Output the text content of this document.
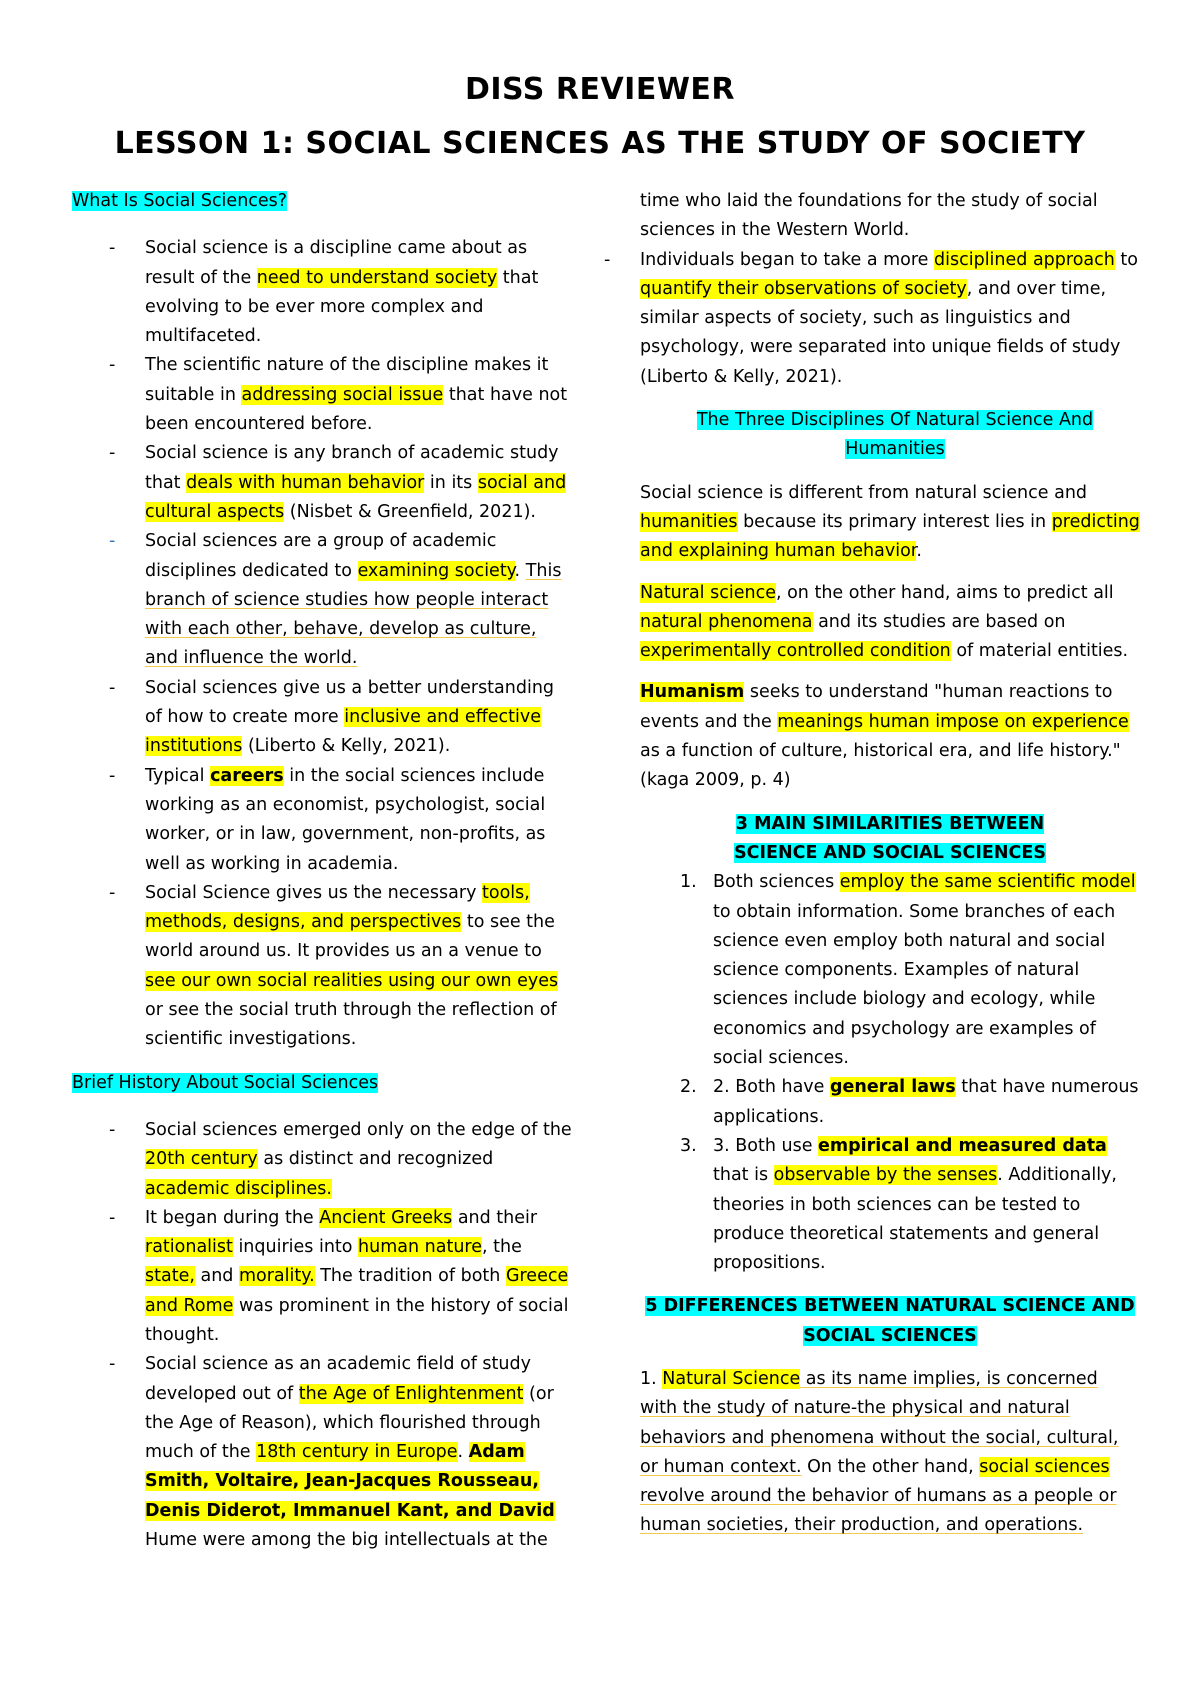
DISS REVIEWER
LESSON 1: SOCIAL SCIENCES AS THE STUDY OF SOCIETY
What Is Social Sciences?
- Social science is a discipline came about as result of the need to understand society that evolving to be ever more complex and multifaceted.
- The scientific nature of the discipline makes it suitable in addressing social issue that have not been encountered before.
- Social science is any branch of academic study that deals with human behavior in its social and cultural aspects (Nisbet & Greenfield, 2021).
- Social sciences are a group of academic disciplines dedicated to examining society. This branch of science studies how people interact with each other, behave, develop as culture, and influence the world.
- Social sciences give us a better understanding of how to create more inclusive and effective institutions (Liberto & Kelly, 2021).
- Typical careers in the social sciences include working as an economist, psychologist, social worker, or in law, government, non-profits, as well as working in academia.
- Social Science gives us the necessary tools, methods, designs, and perspectives to see the world around us. It provides us an a venue to see our own social realities using our own eyes or see the social truth through the reflection of scientific investigations.
Brief History About Social Sciences
- Social sciences emerged only on the edge of the 20th century as distinct and recognized academic disciplines.
- It began during the Ancient Greeks and their rationalist inquiries into human nature, the state, and morality. The tradition of both Greece and Rome was prominent in the history of social thought.
- Social science as an academic field of study developed out of the Age of Enlightenment (or the Age of Reason), which flourished through much of the 18th century in Europe. Adam Smith, Voltaire, Jean-Jacques Rousseau, Denis Diderot, Immanuel Kant, and David Hume were among the big intellectuals at the
time who laid the foundations for the study of social sciences in the Western World.
- Individuals began to take a more disciplined approach to quantify their observations of society, and over time, similar aspects of society, such as linguistics and psychology, were separated into unique fields of study (Liberto & Kelly, 2021).
The Three Disciplines Of Natural Science And Humanities

Social science is different from natural science and humanities because its primary interest lies in predicting and explaining human behavior.

Natural science, on the other hand, aims to predict all natural phenomena and its studies are based on experimentally controlled condition of material entities.

Humanism seeks to understand "human reactions to events and the meanings human impose on experience as a function of culture, historical era, and life history." (kaga 2009, p. 4)

3 MAIN SIMILARITIES BETWEEN SCIENCE AND SOCIAL SCIENCES
1. Both sciences employ the same scientific model to obtain information. Some branches of each science even employ both natural and social science components. Examples of natural sciences include biology and ecology, while economics and psychology are examples of social sciences.
2. 2. Both have general laws that have numerous applications.
3. 3. Both use empirical and measured data that is observable by the senses. Additionally, theories in both sciences can be tested to produce theoretical statements and general propositions.
5 DIFFERENCES BETWEEN NATURAL SCIENCE AND SOCIAL SCIENCES

1. Natural Science as its name implies, is concerned with the study of nature-the physical and natural behaviors and phenomena without the social, cultural, or human context. On the other hand, social sciences revolve around the behavior of humans as a people or human societies, their production, and operations.
